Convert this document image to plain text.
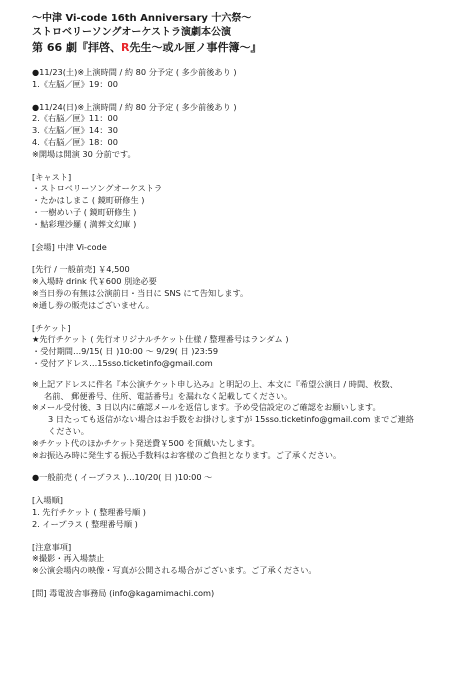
〜中津 Vi-code 16th Anniversary 十六祭〜
ストロベリーソングオーケストラ演劇本公演
第 66 劇『拝啓、R先生〜或ル匣ノ事件簿〜』
●11/23(土)※上演時間 / 約 80 分予定 ( 多少前後あり )
1.《左脳／匣》19：00
●11/24(日)※上演時間 / 約 80 分予定 ( 多少前後あり )
2.《右脳／匣》11：00
3.《左脳／匣》14：30
4.《右脳／匣》18：00
※開場は開演 30 分前です。
[キャスト]
・ストロベリーソングオーケストラ
・たかはしまこ ( 鏡町研修生 )
・一樹めい子 ( 鏡町研修生 )
・鮎彩理沙羅 ( 満葬文幻庫 )
[会場] 中津 Vi-code
[先行 / 一般前売] ￥4,500
※入場時 drink 代￥600 別途必要
※当日券の有無は公演前日・当日に SNS にて告知します。
※通し券の販売はございません。
[チケット]
★先行チケット ( 先行オリジナルチケット仕様 / 整理番号はランダム )
・受付期間…9/15( 日 )10:00 〜 9/29( 日 )23:59
・受付アドレス…15sso.ticketinfo@gmail.com
※上記アドレスに件名『本公演チケット申し込み』と明記の上、本文に『希望公演日 / 時間、枚数、
名前、 郵便番号、住所、電話番号』を漏れなく記載してください。
※メール受付後、3 日以内に確認メールを返信します。予め受信設定のご確認をお願いします。
3 日たっても返信がない場合はお手数をお掛けしますが 15sso.ticketinfo@gmail.com までご連絡
ください。
※チケット代のほかチケット発送費￥500 を頂戴いたします。
※お振込み時に発生する振込手数料はお客様のご負担となります。ご了承ください。
●一般前売 ( イープラス )…10/20( 日 )10:00 〜
[入場順]
1. 先行チケット ( 整理番号順 )
2. イープラス ( 整理番号順 )
[注意事項]
※撮影・再入場禁止
※公演会場内の映像・写真が公開される場合がございます。ご了承ください。
[問] 毒電波舎事務局 (info@kagamimachi.com)
